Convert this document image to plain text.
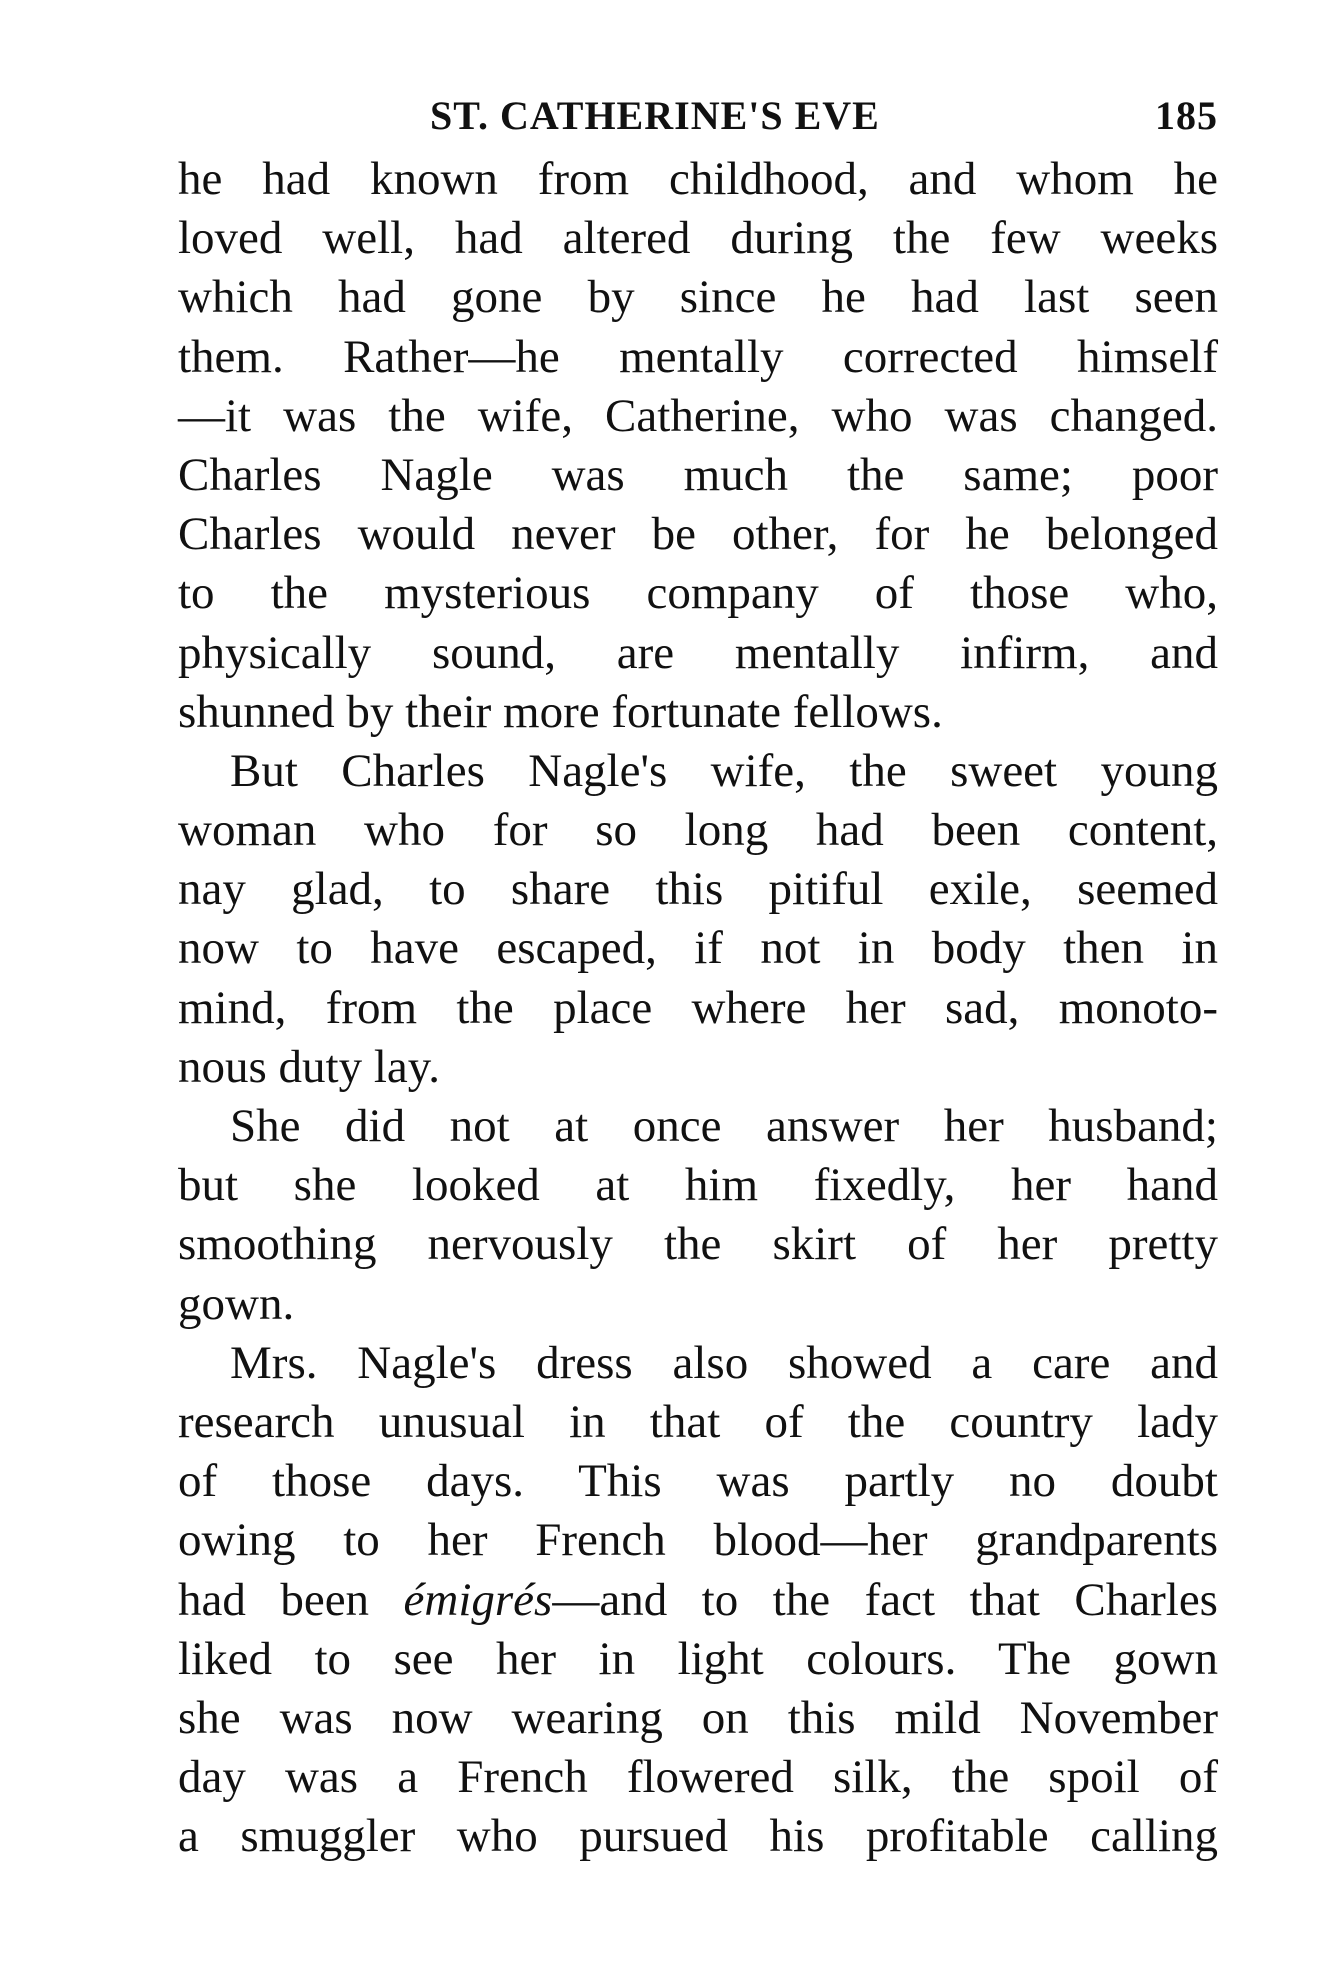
ST. CATHERINE'S EVE	185
he had known from childhood, and whom he
loved well, had altered during the few weeks
which had gone by since he had last seen
them. Rather—he mentally corrected himself
—it was the wife, Catherine, who was changed.
Charles Nagle was much the same; poor
Charles would never be other, for he belonged
to the mysterious company of those who,
physically sound, are mentally infirm, and
shunned by their more fortunate fellows.
But Charles Nagle's wife, the sweet young
woman who for so long had been content,
nay glad, to share this pitiful exile, seemed
now to have escaped, if not in body then in
mind, from the place where her sad, monoto-
nous duty lay.
She did not at once answer her husband;
but she looked at him fixedly, her hand
smoothing nervously the skirt of her pretty
gown.
Mrs. Nagle's dress also showed a care and
research unusual in that of the country lady
of those days. This was partly no doubt
owing to her French blood—her grandparents
had been émigrés—and to the fact that Charles
liked to see her in light colours. The gown
she was now wearing on this mild November
day was a French flowered silk, the spoil of
a smuggler who pursued his profitable calling
